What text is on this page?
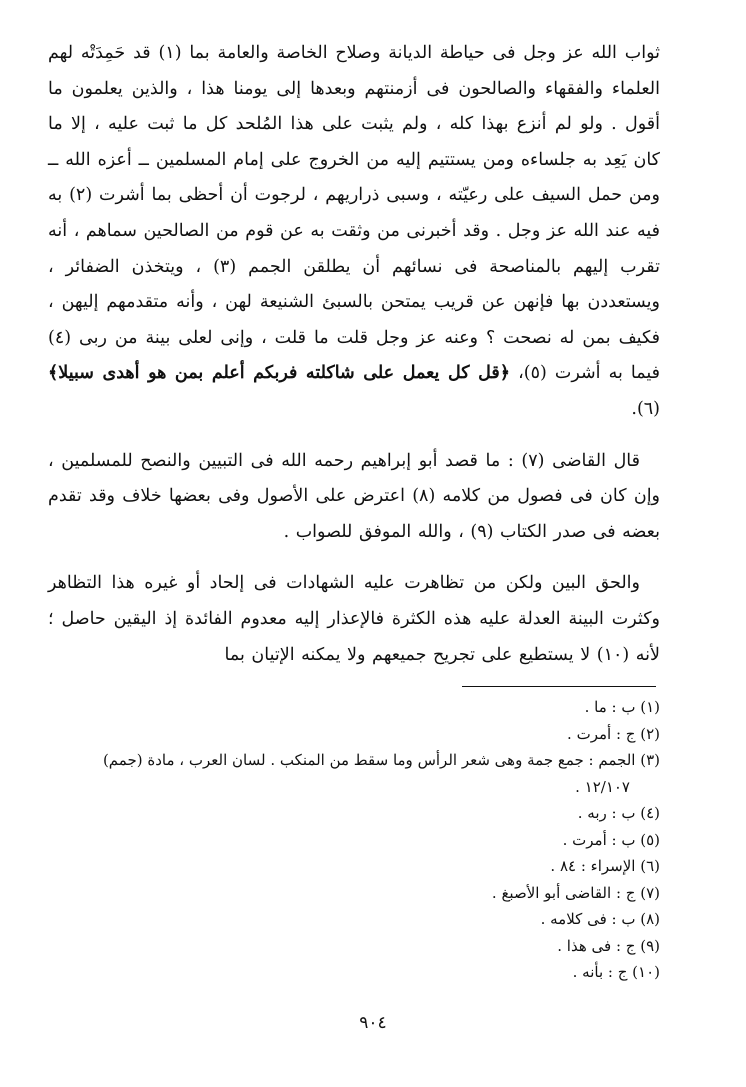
ثواب الله عز وجل فى حياطة الديانة وصلاح الخاصة والعامة بما (١) قد حَمِدَتْه لهم العلماء والفقهاء والصالحون فى أزمنتهم وبعدها إلى يومنا هذا ، والذين يعلمون ما أقول . ولو لم أنزع بهذا كله ، ولم يثبت على هذا المُلحد كل ما ثبت عليه ، إلا ما كان يَعِد به جلساءه ومن يستتيم إليه من الخروج على إمام المسلمين ــ أعزه الله ــ ومن حمل السيف على رعيّته ، وسبى ذراريهم ، لرجوت أن أحظى بما أشرت (٢) به فيه عند الله عز وجل . وقد أخبرنى من وثقت به عن قوم من الصالحين سماهم ، أنه تقرب إليهم بالمناصحة فى نسائهم أن يطلقن الجمم (٣) ، ويتخذن الضفائر ، ويستعددن بها فإنهن عن قريب يمتحن بالسبئ الشنيعة لهن ، وأنه متقدمهم إليهن ، فكيف بمن له نصحت ؟ وعنه عز وجل قلت ما قلت ، وإنى لعلى بينة من ربى (٤) فيما به أشرت (٥)، ﴿قل كل يعمل على شاكلته فربكم أعلم بمن هو أهدى سبيلا﴾ (٦).

قال القاضى (٧) : ما قصد أبو إبراهيم رحمه الله فى التبيين والنصح للمسلمين ، وإن كان فى فصول من كلامه (٨) اعترض على الأصول وفى بعضها خلاف وقد تقدم بعضه فى صدر الكتاب (٩) ، والله الموفق للصواب .

والحق البين ولكن من تظاهرت عليه الشهادات فى إلحاد أو غيره هذا التظاهر وكثرت البينة العدلة عليه هذه الكثرة فالإعذار إليه معدوم الفائدة إذ اليقين حاصل ؛ لأنه (١٠) لا يستطيع على تجريح جميعهم ولا يمكنه الإتيان بما

(١) ب : ما .

(٢) ج : أمرت .

(٣) الجمم : جمع جمة وهى شعر الرأس وما سقط من المنكب . لسان العرب ، مادة (جمم)

١٢/١٠٧ .

(٤) ب : ربه .

(٥) ب : أمرت .

(٦) الإسراء : ٨٤ .

(٧) ج : القاضى أبو الأصبغ .

(٨) ب : فى كلامه .

(٩) ج : فى هذا .

(١٠) ج : بأنه .

٩٠٤
